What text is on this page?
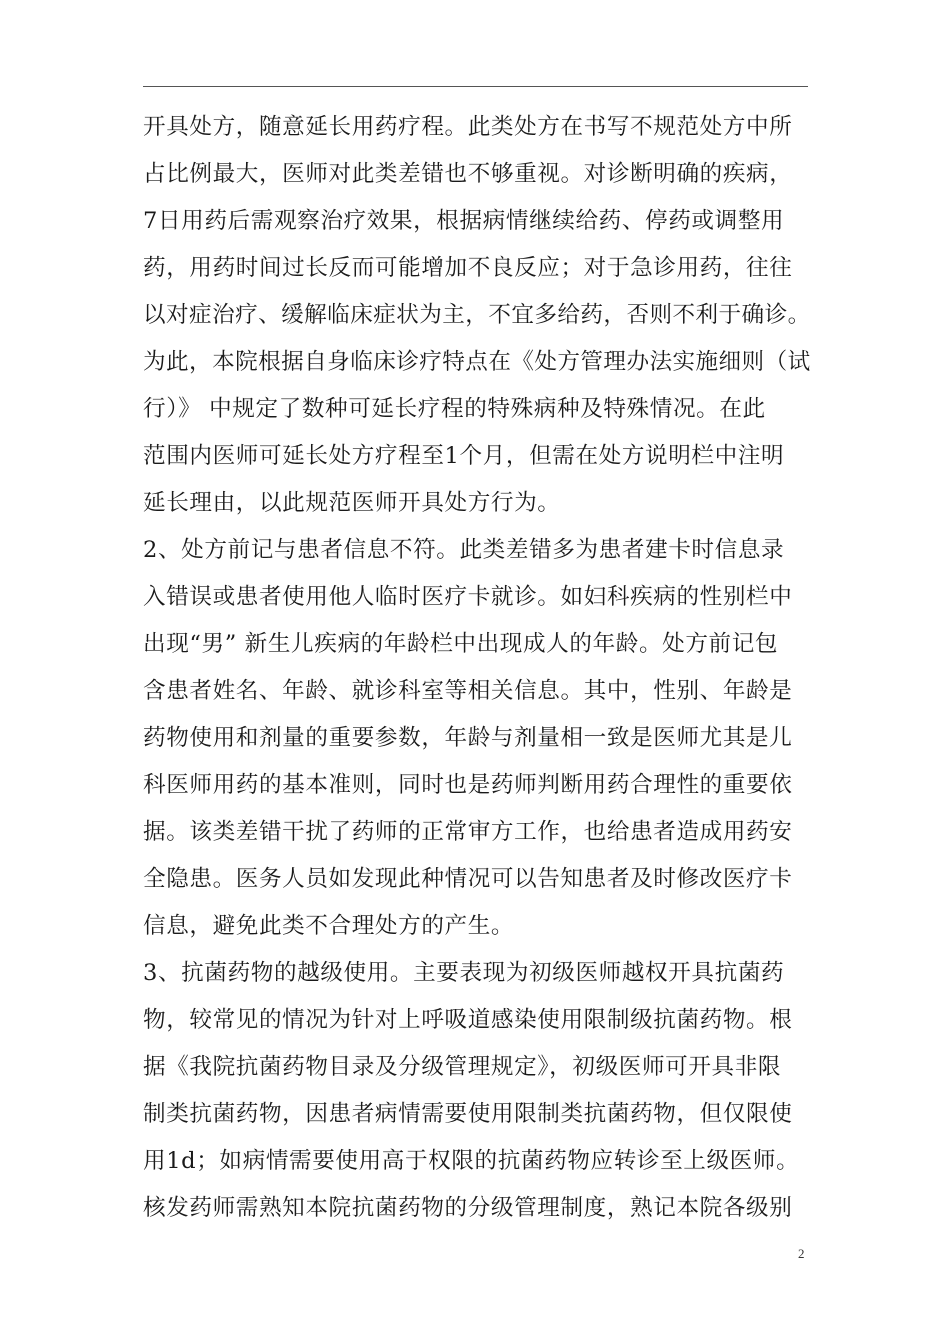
开具处方，随意延长用药疗程。此类处方在书写不规范处方中所
占比例最大，医师对此类差错也不够重视。对诊断明确的疾病，
7日用药后需观察治疗效果，根据病情继续给药、停药或调整用
药，用药时间过长反而可能增加不良反应；对于急诊用药，往往
以对症治疗、缓解临床症状为主，不宜多给药，否则不利于确诊。
为此，本院根据自身临床诊疗特点在《处方管理办法实施细则（试
行）》 中规定了数种可延长疗程的特殊病种及特殊情况。在此
范围内医师可延长处方疗程至1个月，但需在处方说明栏中注明
延长理由，以此规范医师开具处方行为。
2、处方前记与患者信息不符。此类差错多为患者建卡时信息录
入错误或患者使用他人临时医疗卡就诊。如妇科疾病的性别栏中
出现“男” 新生儿疾病的年龄栏中出现成人的年龄。处方前记包
含患者姓名、年龄、就诊科室等相关信息。其中，性别、年龄是
药物使用和剂量的重要参数，年龄与剂量相一致是医师尤其是儿
科医师用药的基本准则，同时也是药师判断用药合理性的重要依
据。该类差错干扰了药师的正常审方工作，也给患者造成用药安
全隐患。医务人员如发现此种情况可以告知患者及时修改医疗卡
信息，避免此类不合理处方的产生。
3、抗菌药物的越级使用。主要表现为初级医师越权开具抗菌药
物，较常见的情况为针对上呼吸道感染使用限制级抗菌药物。根
据《我院抗菌药物目录及分级管理规定》，初级医师可开具非限
制类抗菌药物，因患者病情需要使用限制类抗菌药物，但仅限使
用1d；如病情需要使用高于权限的抗菌药物应转诊至上级医师。
核发药师需熟知本院抗菌药物的分级管理制度，熟记本院各级别
2
